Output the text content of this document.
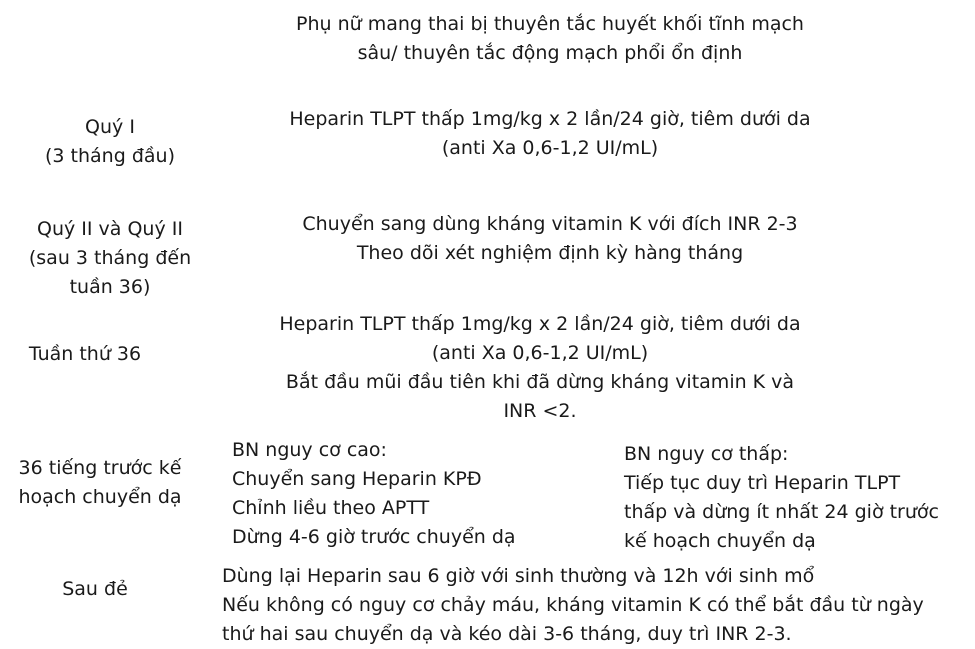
Phụ nữ mang thai bị thuyên tắc huyết khối tĩnh mạch
sâu/ thuyên tắc động mạch phổi ổn định
Quý I
(3 tháng đầu)
Heparin TLPT thấp 1mg/kg x 2 lần/24 giờ, tiêm dưới da
(anti Xa 0,6-1,2 UI/mL)
Quý II và Quý II
(sau 3 tháng đến
tuần 36)
Chuyển sang dùng kháng vitamin K với đích INR 2-3
Theo dõi xét nghiệm định kỳ hàng tháng
Tuần thứ 36
Heparin TLPT thấp 1mg/kg x 2 lần/24 giờ, tiêm dưới da
(anti Xa 0,6-1,2 UI/mL)
Bắt đầu mũi đầu tiên khi đã dừng kháng vitamin K và
INR <2.
36 tiếng trước kế
hoạch chuyển dạ
BN nguy cơ cao:
Chuyển sang Heparin KPĐ
Chỉnh liều theo APTT
Dừng 4-6 giờ trước chuyển dạ
BN nguy cơ thấp:
Tiếp tục duy trì Heparin TLPT
thấp và dừng ít nhất 24 giờ trước
kế hoạch chuyển dạ
Sau đẻ
Dùng lại Heparin sau 6 giờ với sinh thường và 12h với sinh mổ
Nếu không có nguy cơ chảy máu, kháng vitamin K có thể bắt đầu từ ngày
thứ hai sau chuyển dạ và kéo dài 3-6 tháng, duy trì INR 2-3.
